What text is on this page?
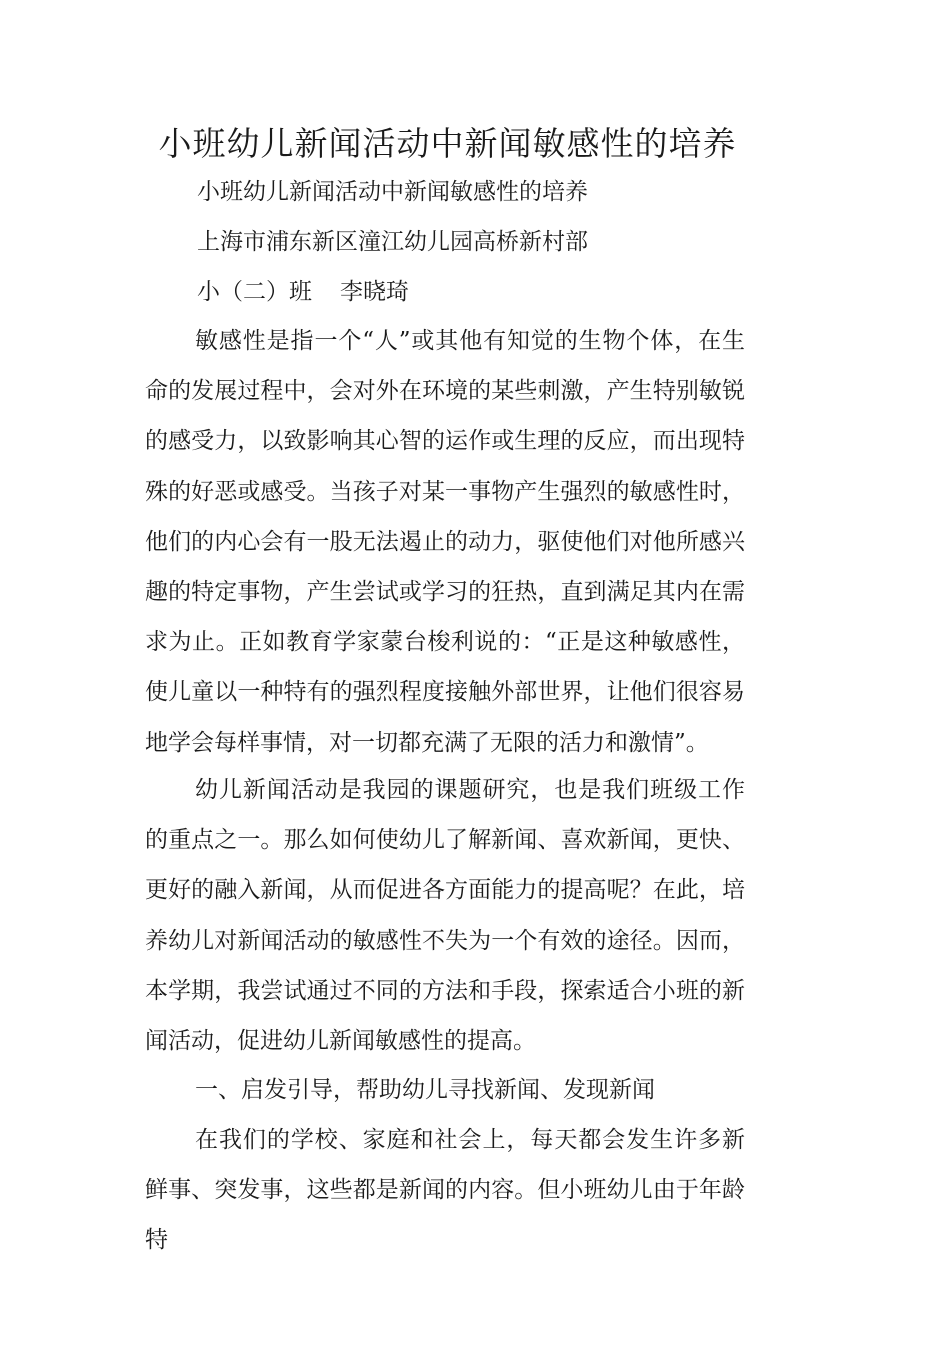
小班幼儿新闻活动中新闻敏感性的培养

小班幼儿新闻活动中新闻敏感性的培养

上海市浦东新区潼江幼儿园高桥新村部

小（二）班 李晓琦

敏感性是指一个“人”或其他有知觉的生物个体，在生命的发展过程中，会对外在环境的某些刺激，产生特别敏锐的感受力，以致影响其心智的运作或生理的反应，而出现特殊的好恶或感受。当孩子对某一事物产生强烈的敏感性时，他们的内心会有一股无法遏止的动力，驱使他们对他所感兴趣的特定事物，产生尝试或学习的狂热，直到满足其内在需求为止。正如教育学家蒙台梭利说的：“正是这种敏感性，使儿童以一种特有的强烈程度接触外部世界，让他们很容易地学会每样事情，对一切都充满了无限的活力和激情”。

幼儿新闻活动是我园的课题研究，也是我们班级工作的重点之一。那么如何使幼儿了解新闻、喜欢新闻，更快、更好的融入新闻，从而促进各方面能力的提高呢？在此，培养幼儿对新闻活动的敏感性不失为一个有效的途径。因而，本学期，我尝试通过不同的方法和手段，探索适合小班的新闻活动，促进幼儿新闻敏感性的提高。

一、启发引导，帮助幼儿寻找新闻、发现新闻

在我们的学校、家庭和社会上，每天都会发生许多新鲜事、突发事，这些都是新闻的内容。但小班幼儿由于年龄特
